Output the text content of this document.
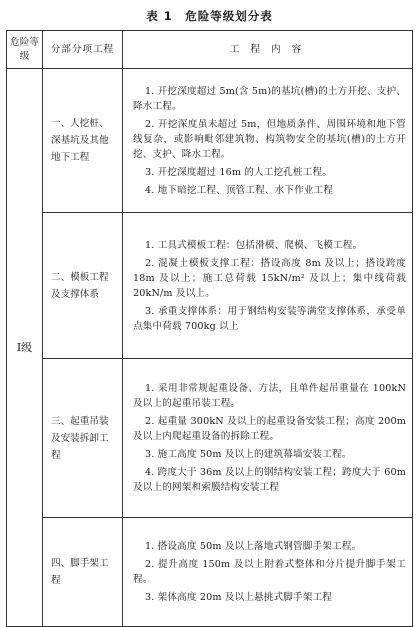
表 1　危险等级划分表
危险等级	分部分项工程	工 程 内 容
Ⅰ级	一、人挖桩、深基坑及其他地下工程	1. 开挖深度超过 5m(含 5m)的基坑(槽)的土方开挖、支护、降水工程。

2. 开挖深度虽未超过 5m，但地质条件、周围环境和地下管线复杂，或影响毗邻建筑物、构筑物安全的基坑(槽)的土方开挖、支护、降水工程。

3. 开挖深度超过 16m 的人工挖孔桩工程。

4. 地下暗挖工程、顶管工程、水下作业工程

	二、模板工程及支撑体系	1. 工具式模板工程：包括滑模、爬模、飞模工程。

2. 混凝土模板支撑工程：搭设高度 8m 及以上；搭设跨度 18m 及以上；施工总荷载 15kN/m² 及以上；集中线荷载 20kN/m 及以上。

3. 承重支撑体系：用于钢结构安装等满堂支撑体系，承受单点集中荷载 700kg 以上

	三、起重吊装及安装拆卸工程	1. 采用非常规起重设备、方法，且单件起吊重量在 100kN 及以上的起重吊装工程。

2. 起重量 300kN 及以上的起重设备安装工程；高度 200m 及以上内爬起重设备的拆除工程。

3. 施工高度 50m 及以上的建筑幕墙安装工程。

4. 跨度大于 36m 及以上的钢结构安装工程；跨度大于 60m 及以上的网架和索膜结构安装工程

	四、脚手架工程	1. 搭设高度 50m 及以上落地式钢管脚手架工程。

2. 提升高度 150m 及以上附着式整体和分片提升脚手架工程。

3. 架体高度 20m 及以上悬挑式脚手架工程
